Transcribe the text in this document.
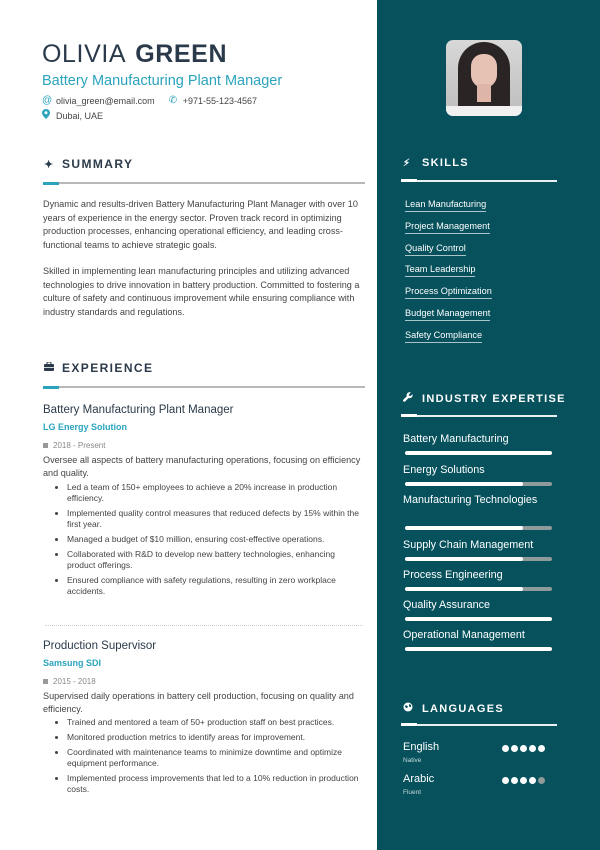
OLIVIA GREEN
Battery Manufacturing Plant Manager
@ olivia_green@email.com ✆ +971-55-123-4567
Dubai, UAE
✦ SUMMARY

Dynamic and results-driven Battery Manufacturing Plant Manager with over 10 years of experience in the energy sector. Proven track record in optimizing production processes, enhancing operational efficiency, and leading cross-functional teams to achieve strategic goals.

Skilled in implementing lean manufacturing principles and utilizing advanced technologies to drive innovation in battery production. Committed to fostering a culture of safety and continuous improvement while ensuring compliance with industry standards and regulations.

EXPERIENCE
Battery Manufacturing Plant Manager
LG Energy Solution
2018 - Present
Oversee all aspects of battery manufacturing operations, focusing on efficiency and quality.
Led a team of 150+ employees to achieve a 20% increase in production efficiency.
Implemented quality control measures that reduced defects by 15% within the first year.
Managed a budget of $10 million, ensuring cost-effective operations.
Collaborated with R&D to develop new battery technologies, enhancing product offerings.
Ensured compliance with safety regulations, resulting in zero workplace accidents.
Production Supervisor
Samsung SDI
2015 - 2018
Supervised daily operations in battery cell production, focusing on quality and efficiency.
Trained and mentored a team of 50+ production staff on best practices.
Monitored production metrics to identify areas for improvement.
Coordinated with maintenance teams to minimize downtime and optimize equipment performance.
Implemented process improvements that led to a 10% reduction in production costs.
⚡︎ SKILLS
INDUSTRY EXPERTISE
LANGUAGES
Lean Manufacturing
Project Management
Quality Control
Team Leadership
Process Optimization
Budget Management
Safety Compliance
Battery Manufacturing
Energy Solutions
Manufacturing Technologies
Supply Chain Management
Process Engineering
Quality Assurance
Operational Management
English
Native
Arabic
Fluent
